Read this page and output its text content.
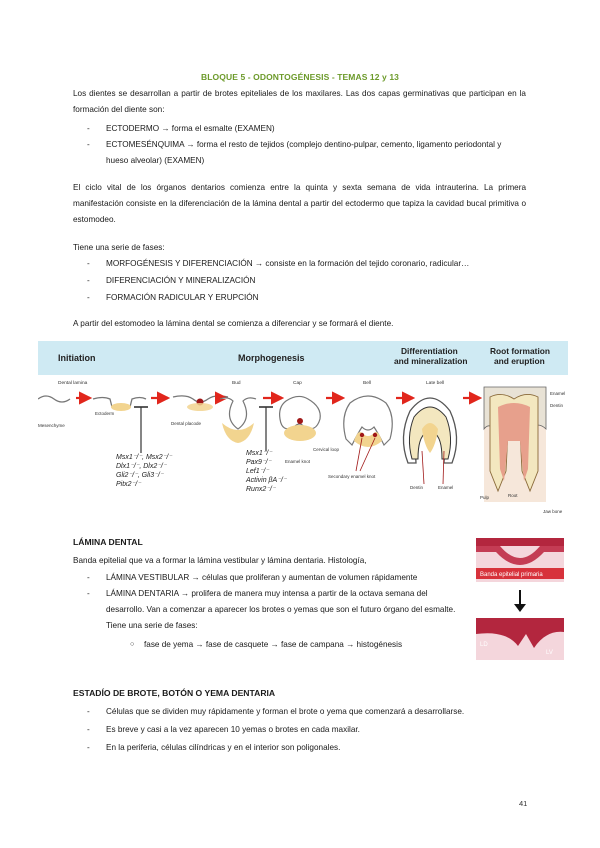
BLOQUE 5 - ODONTOGÉNESIS - TEMAS 12 y 13
Los dientes se desarrollan a partir de brotes epiteliales de los maxilares. Las dos capas germinativas que participan en la formación del diente son:
-	ECTODERMO → forma el esmalte (EXAMEN)
-	ECTOMESÉNQUIMA → forma el resto de tejidos (complejo dentino-pulpar, cemento, ligamento periodontal y hueso alveolar) (EXAMEN)
El ciclo vital de los órganos dentarios comienza entre la quinta y sexta semana de vida intrauterina. La primera manifestación consiste en la diferenciación de la lámina dental a partir del ectodermo que tapiza la cavidad bucal primitiva o estomodeo.
Tiene una serie de fases:
-	MORFOGÉNESIS Y DIFERENCIACIÓN → consiste en la formación del tejido coronario, radicular…
-	DIFERENCIACIÓN Y MINERALIZACIÓN
-	FORMACIÓN RADICULAR Y ERUPCIÓN
A partir del estomodeo la lámina dental se comienza a diferenciar y se formará el diente.
Initiation	Morphogenesis
Differentiation and mineralization
Root formation and eruption
Dental lamina	Bud	Cap	Bell	Late bell
Ectoderm
Mesenchyme	Dental placode
Msx1⁻/⁻, Msx2⁻/⁻
Dlx1⁻/⁻, Dlx2⁻/⁻
Gli2⁻/⁻, Gli3⁻/⁻
Pitx2⁻/⁻
Msx1⁻/⁻
Pax9⁻/⁻
Lef1⁻/⁻
Activin βA⁻/⁻
Runx2⁻/⁻
Cervical loop
Enamel knot
Secondary enamel knot
Dentin	Enamel
Enamel
Dentin
Pulp	Root
Jaw bone
LÁMINA DENTAL
Banda epitelial que va a formar la lámina vestibular y lámina dentaria. Histología,
-	LÁMINA VESTIBULAR → células que proliferan y aumentan de volumen rápidamente
-	LÁMINA DENTARIA → prolifera de manera muy intensa a partir de la octava semana del desarrollo. Van a comenzar a aparecer los brotes o yemas que son el futuro órgano del esmalte. Tiene una serie de fases:
○	fase de yema → fase de casquete → fase de campana → histogénesis
Banda epitelial primaria
LD
LV
ESTADÍO DE BROTE, BOTÓN O YEMA DENTARIA
-	Células que se dividen muy rápidamente y forman el brote o yema que comenzará a desarrollarse.
-	Es breve y casi a la vez aparecen 10 yemas o brotes en cada maxilar.
-	En la periferia, células cilíndricas y en el interior son poligonales.
41
